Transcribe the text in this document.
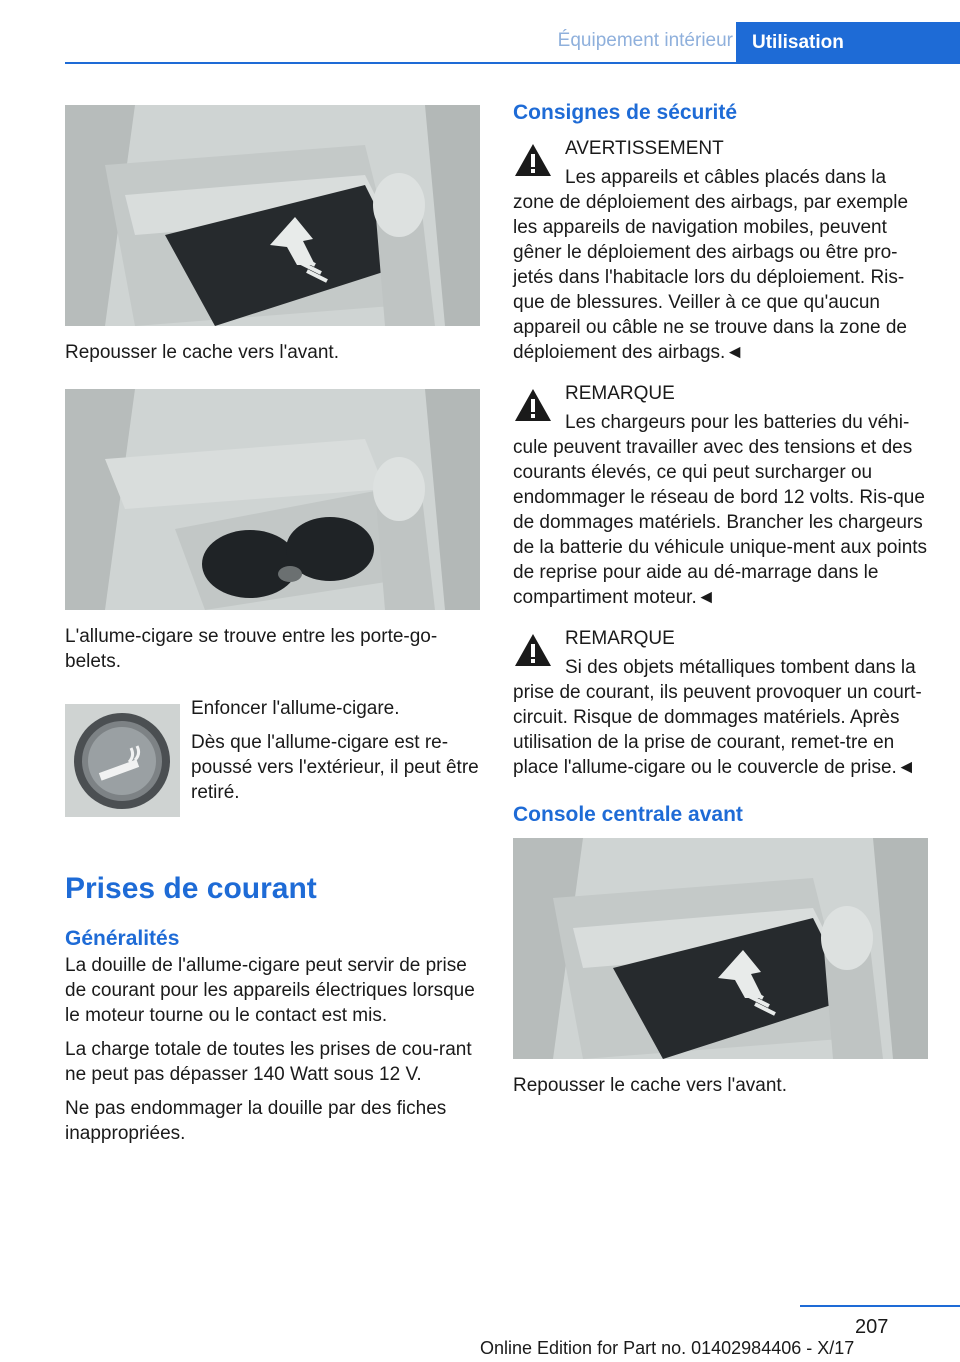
Équipement intérieur	Utilisation

Repousser le cache vers l'avant.

L'allume-cigare se trouve entre les porte-go-belets.

Enfoncer l'allume-cigare.

Dès que l'allume-cigare est re-poussé vers l'extérieur, il peut être retiré.

Prises de courant
Généralités

La douille de l'allume-cigare peut servir de prise de courant pour les appareils électriques lorsque le moteur tourne ou le contact est mis.

La charge totale de toutes les prises de cou-rant ne peut pas dépasser 140 Watt sous 12 V.

Ne pas endommager la douille par des fiches inappropriées.

Consignes de sécurité
AVERTISSEMENT
Les appareils et câbles placés dans la zone de déploiement des airbags, par exemple les appareils de navigation mobiles, peuvent gêner le déploiement des airbags ou être pro-jetés dans l'habitacle lors du déploiement. Ris-que de blessures. Veiller à ce que qu'aucun appareil ou câble ne se trouve dans la zone de déploiement des airbags.◄
REMARQUE
Les chargeurs pour les batteries du véhi-cule peuvent travailler avec des tensions et des courants élevés, ce qui peut surcharger ou endommager le réseau de bord 12 volts. Ris-que de dommages matériels. Brancher les chargeurs de la batterie du véhicule unique-ment aux points de reprise pour aide au dé-marrage dans le compartiment moteur.◄
REMARQUE
Si des objets métalliques tombent dans la prise de courant, ils peuvent provoquer un court-circuit. Risque de dommages matériels. Après utilisation de la prise de courant, remet-tre en place l'allume-cigare ou le couvercle de prise.◄
Console centrale avant

Repousser le cache vers l'avant.

207
Online Edition for Part no. 01402984406 - X/17
